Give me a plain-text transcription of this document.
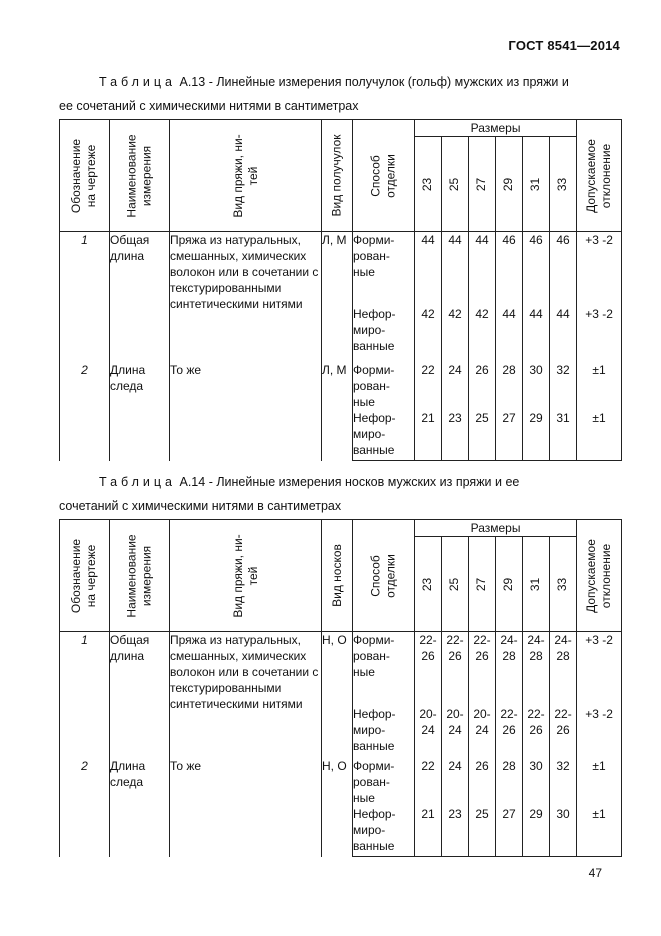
ГОСТ 8541—2014
Таблица А.13 - Линейные измерения получулок (гольф) мужских из пряжи и
ее сочетаний с химическими нитями в сантиметрах
Обозначение на чертеже	Наименование измерения	Вид пряжи, ни- тей	Вид получулок	Способ отделки	Размеры						Допускаемое отклонение

					23	25	27	29	31	33	

1	Общая длина	Пряжа из натуральных, смешанных, химических волокон или в сочетании с текстурированными синтетическими нитями	Л, М	Форми- рован- ные	44	44	44	46	46	46	+3 -2
				Нефор- миро- ванные	42	42	42	44	44	44	+3 -2
2	Длина следа	То же	Л, М	Форми- рован- ные	22	24	26	28	30	32	±1
				Нефор- миро- ванные	21	23	25	27	29	31	±1
Таблица А.14 - Линейные измерения носков мужских из пряжи и ее
сочетаний с химическими нитями в сантиметрах
Обозначение на чертеже	Наименование измерения	Вид пряжи, ни- тей	Вид носков	Способ отделки	Размеры						Допускаемое отклонение

					23	25	27	29	31	33	

1	Общая длина	Пряжа из натуральных, смешанных, химических волокон или в сочетании с текстурированными синтетическими нитями	Н, О	Форми- рован- ные	22- 26	22- 26	22- 26	24- 28	24- 28	24- 28	+3 -2
				Нефор- миро- ванные	20- 24	20- 24	20- 24	22- 26	22- 26	22- 26	+3 -2
2	Длина следа	То же	Н, О	Форми- рован- ные	22	24	26	28	30	32	±1
				Нефор- миро- ванные	21	23	25	27	29	30	±1
47
